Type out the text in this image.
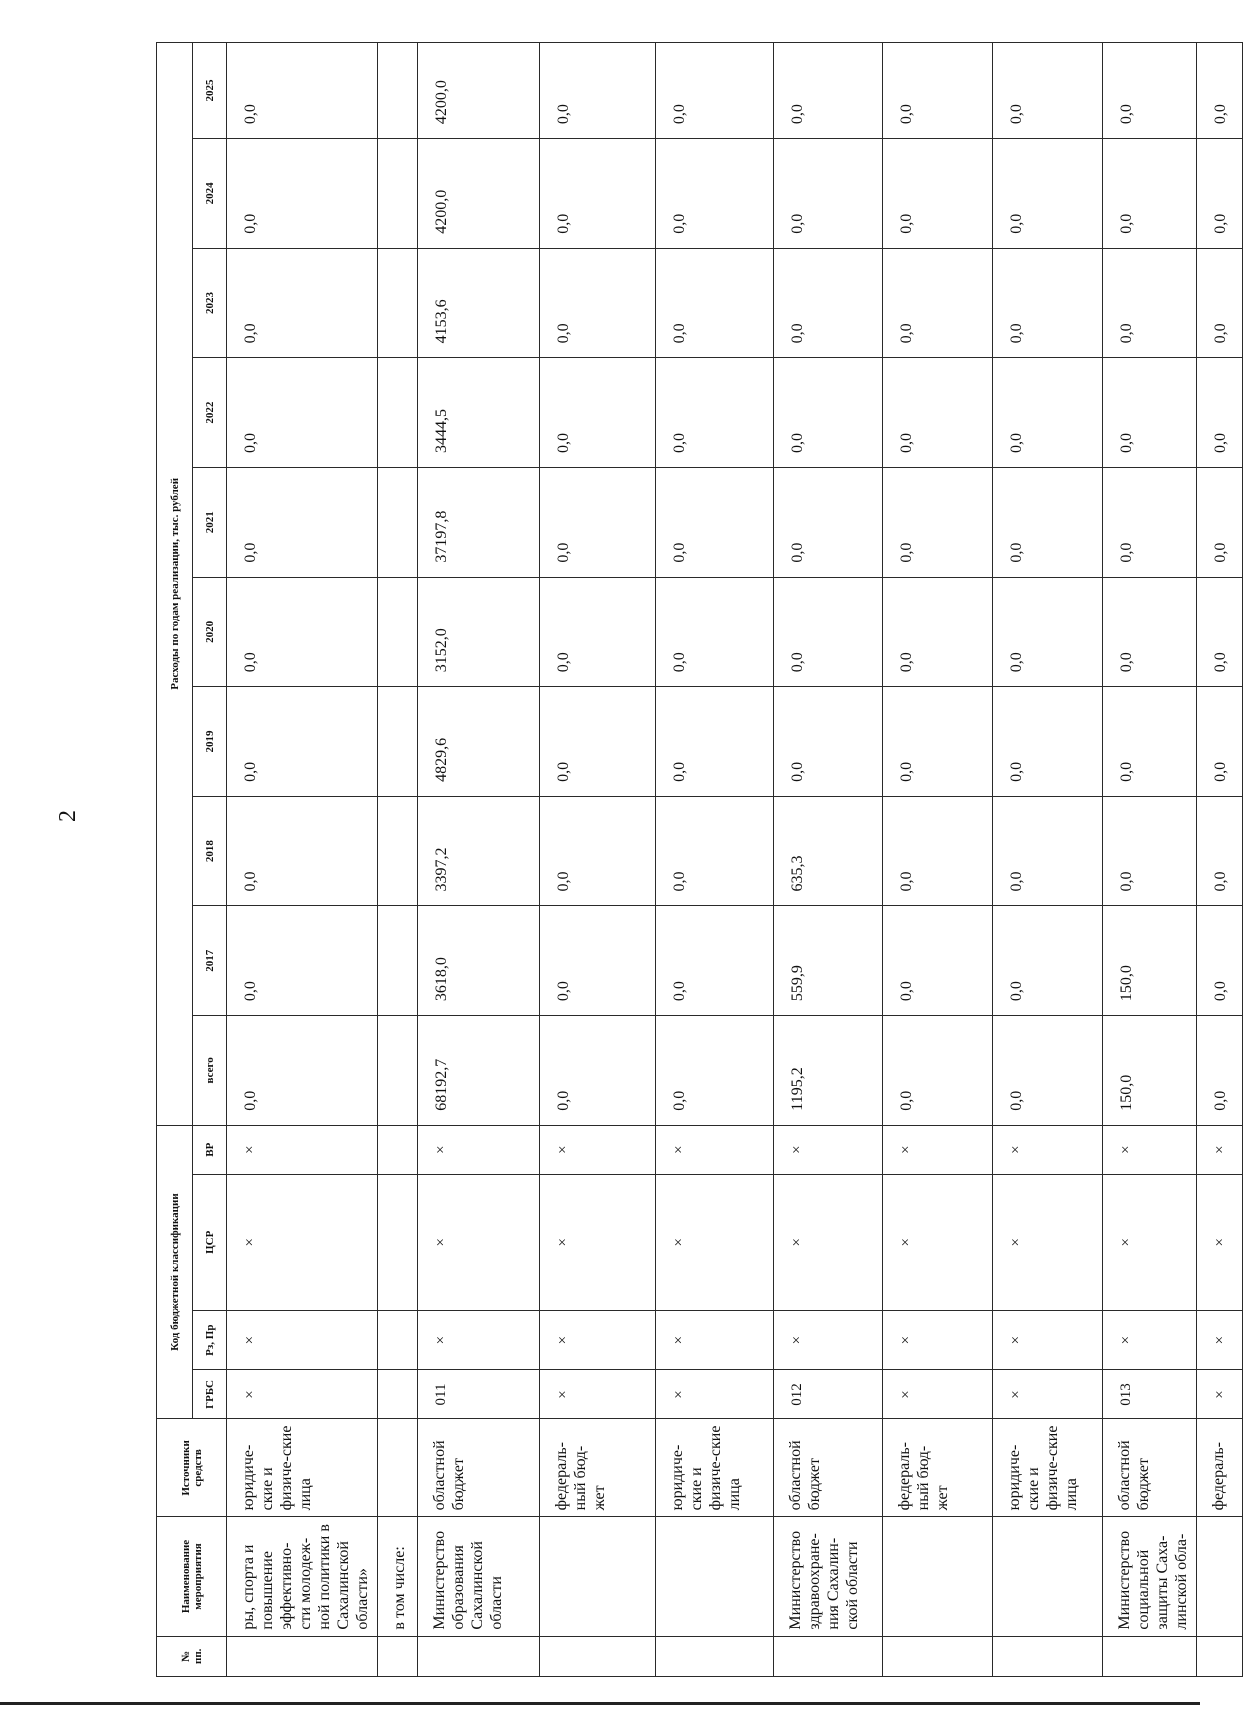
2
№ пп.	Наименование мероприятия	Источники средств	Код бюджетной классификации				Расходы по годам реализации, тыс. рублей									
			ГРБС	Рз, Пр	ЦСР	ВР	всего	2017	2018	2019	2020	2021	2022	2023	2024	2025
	ры, спорта и повышение эффективно-сти молодеж-ной политики в Сахалинской области»	юридиче-ские и физиче-ские лица	×	×	×	×	0,0	0,0	0,0	0,0	0,0	0,0	0,0	0,0	0,0	0,0
	в том числе:															
	Министерство образования Сахалинской области	областной бюджет	011	×	×	×	68192,7	3618,0	3397,2	4829,6	3152,0	37197,8	3444,5	4153,6	4200,0	4200,0
		федераль-ный бюд-жет	×	×	×	×	0,0	0,0	0,0	0,0	0,0	0,0	0,0	0,0	0,0	0,0
		юридиче-ские и физиче-ские лица	×	×	×	×	0,0	0,0	0,0	0,0	0,0	0,0	0,0	0,0	0,0	0,0
	Министерство здравоохране-ния Сахалин-ской области	областной бюджет	012	×	×	×	1195,2	559,9	635,3	0,0	0,0	0,0	0,0	0,0	0,0	0,0
		федераль-ный бюд-жет	×	×	×	×	0,0	0,0	0,0	0,0	0,0	0,0	0,0	0,0	0,0	0,0
		юридиче-ские и физиче-ские лица	×	×	×	×	0,0	0,0	0,0	0,0	0,0	0,0	0,0	0,0	0,0	0,0
	Министерство социальной защиты Саха-линской обла-	областной бюджет	013	×	×	×	150,0	150,0	0,0	0,0	0,0	0,0	0,0	0,0	0,0	0,0
		федераль-	×	×	×	×	0,0	0,0	0,0	0,0	0,0	0,0	0,0	0,0	0,0	0,0
